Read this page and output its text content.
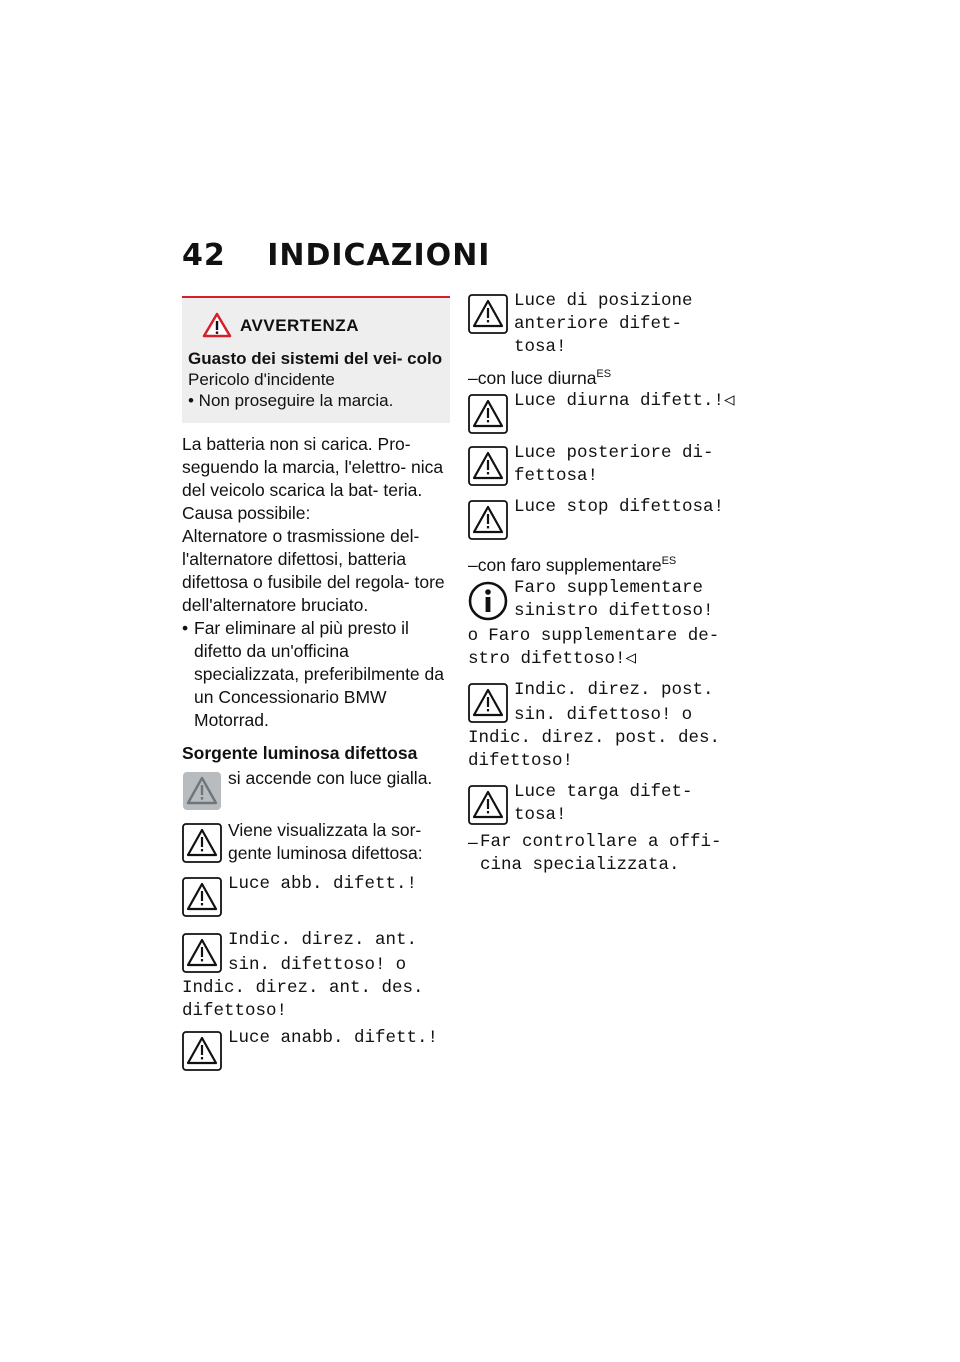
42 INDICAZIONI
AVVERTENZA

Guasto dei sistemi del vei- colo

Pericolo d'incidente

• Non proseguire la marcia.

La batteria non si carica. Pro- seguendo la marcia, l'elettro- nica del veicolo scarica la bat- teria.

Causa possibile:

Alternatore o trasmissione del- l'alternatore difettosi, batteria difettosa o fusibile del regola- tore dell'alternatore bruciato.

• Far eliminare al più presto il difetto da un'officina specializzata, preferibilmente da un Concessionario BMW Motorrad.

Sorgente luminosa difettosa

si accende con luce gialla.
Viene visualizzata la sor- gente luminosa difettosa:
Luce abb. difett.!
Indic. direz. ant. sin. difettoso! o

Indic. direz. ant. des. difettoso!

Luce anabb. difett.!
Luce di posizione anteriore difet- tosa!

–con luce diurna$^{ES}$

Luce diurna difett.!◁
Luce posteriore di- fettosa!
Luce stop difettosa!

–con faro supplementare$^{ES}$

Faro supplementare sinistro difettoso!

o Faro supplementare de- stro difettoso!◁

Indic. direz. post. sin. difettoso! o

Indic. direz. post. des. difettoso!

Luce targa difet- tosa!
– Far controllare a offi- cina specializzata.
